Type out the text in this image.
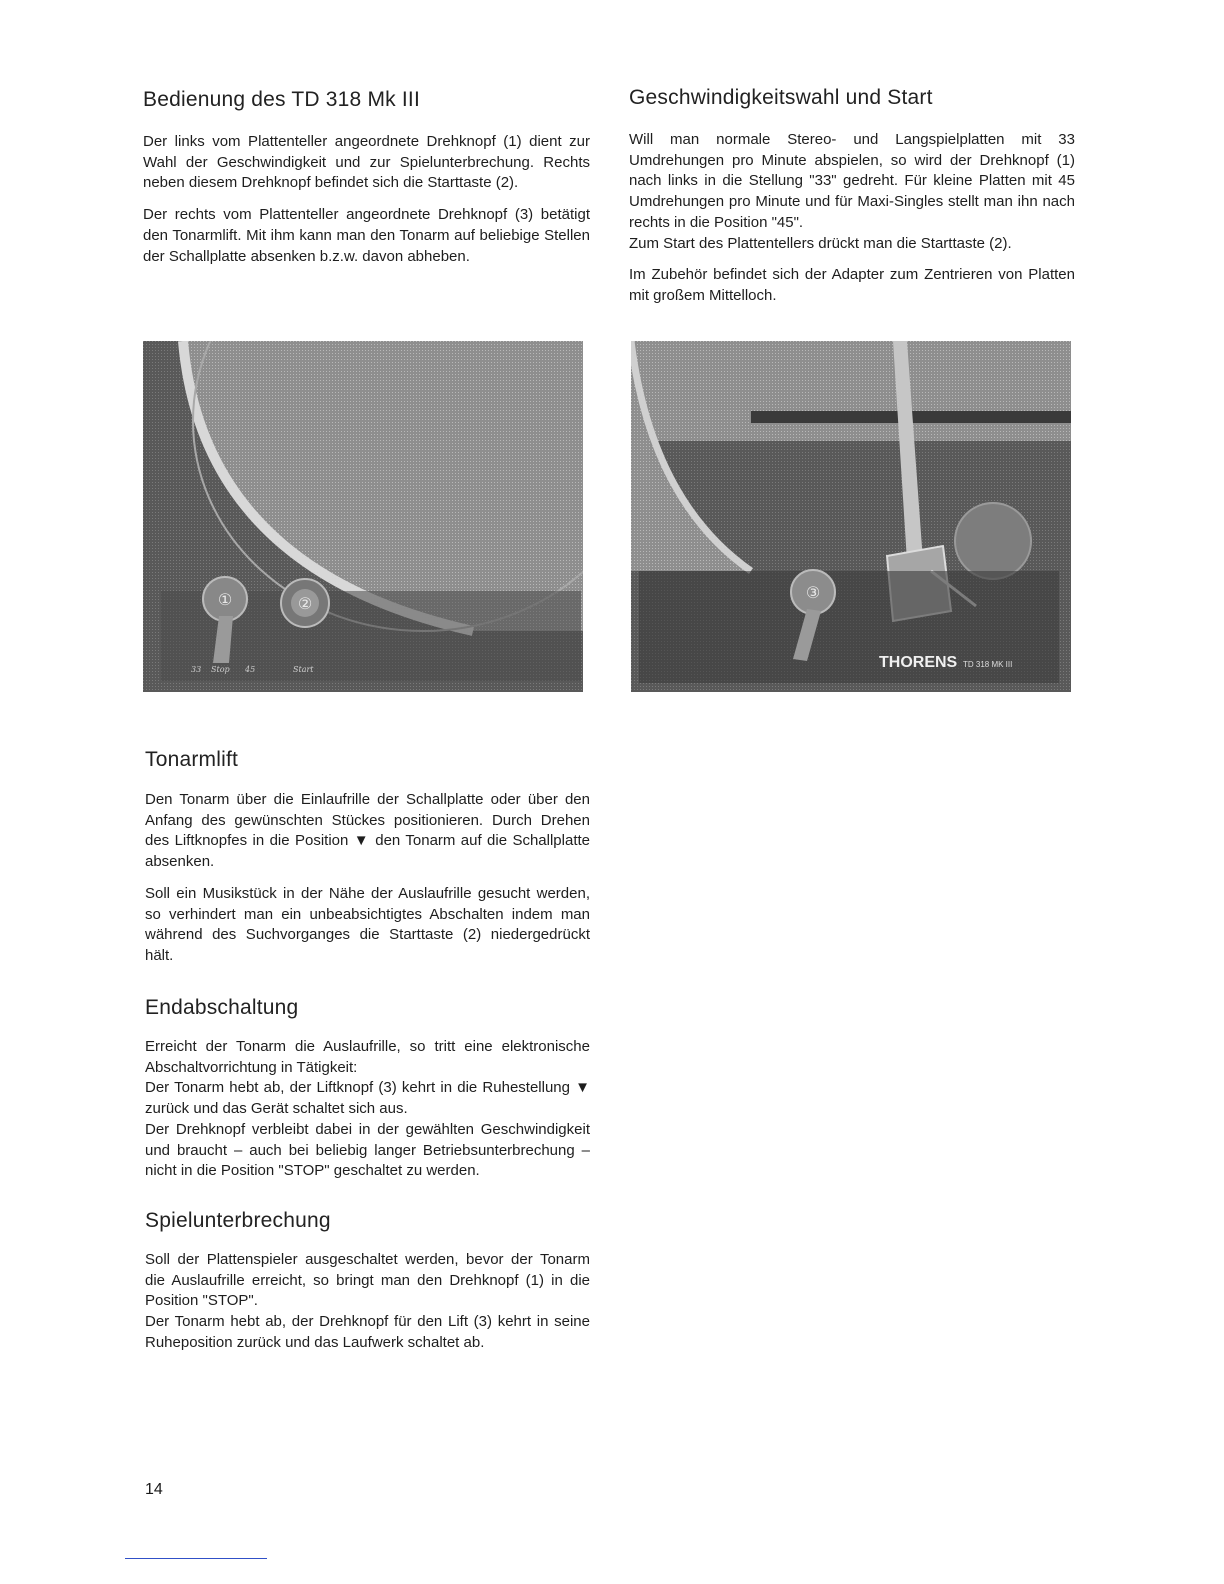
Bedienung des TD 318 Mk III

Der links vom Plattenteller angeordnete Drehknopf (1) dient zur Wahl der Geschwindigkeit und zur Spielunterbrechung. Rechts neben diesem Drehknopf befindet sich die Starttaste (2).

Der rechts vom Plattenteller angeordnete Drehknopf (3) betätigt den Tonarmlift. Mit ihm kann man den Tonarm auf beliebige Stellen der Schallplatte absenken b.z.w. davon abheben.

Geschwindigkeitswahl und Start

Will man normale Stereo- und Langspielplatten mit 33 Umdrehungen pro Minute abspielen, so wird der Drehknopf (1) nach links in die Stellung "33" gedreht. Für kleine Platten mit 45 Umdrehungen pro Minute und für Maxi-Singles stellt man ihn nach rechts in die Position "45".

Zum Start des Plattentellers drückt man die Starttaste (2).

Im Zubehör befindet sich der Adapter zum Zentrieren von Platten mit großem Mittelloch.

①	②
33 Stop 45	Start
③
THORENS TD 318 MK III
Tonarmlift

Den Tonarm über die Einlaufrille der Schallplatte oder über den Anfang des gewünschten Stückes positionieren. Durch Drehen des Liftknopfes in die Position ▼ den Tonarm auf die Schallplatte absenken.

Soll ein Musikstück in der Nähe der Auslaufrille gesucht werden, so verhindert man ein unbeabsichtigtes Abschalten indem man während des Suchvorganges die Starttaste (2) niedergedrückt hält.

Endabschaltung

Erreicht der Tonarm die Auslaufrille, so tritt eine elektronische Abschaltvorrichtung in Tätigkeit:

Der Tonarm hebt ab, der Liftknopf (3) kehrt in die Ruhestellung ▼ zurück und das Gerät schaltet sich aus.

Der Drehknopf verbleibt dabei in der gewählten Geschwindigkeit und braucht – auch bei beliebig langer Betriebsunterbrechung – nicht in die Position "STOP" geschaltet zu werden.

Spielunterbrechung

Soll der Plattenspieler ausgeschaltet werden, bevor der Tonarm die Auslaufrille erreicht, so bringt man den Drehknopf (1) in die Position "STOP".

Der Tonarm hebt ab, der Drehknopf für den Lift (3) kehrt in seine Ruheposition zurück und das Laufwerk schaltet ab.

14
